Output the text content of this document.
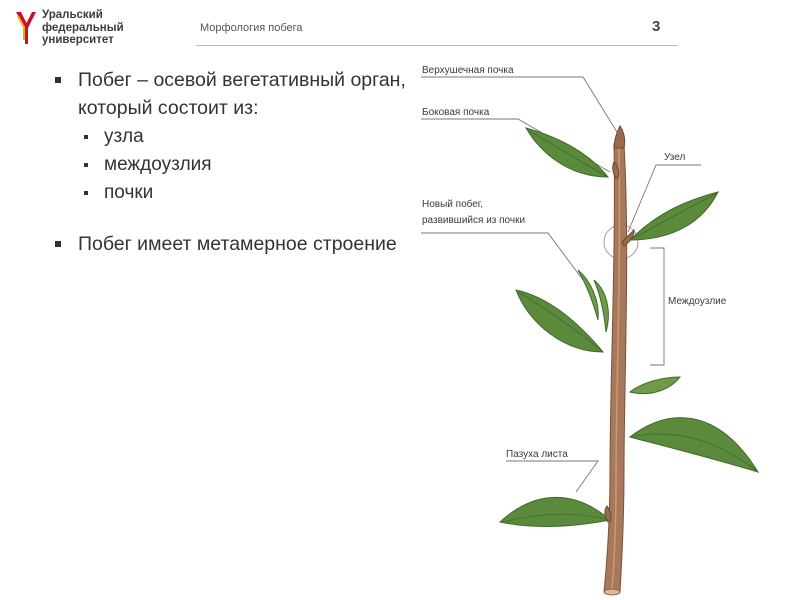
Уральский
федеральный
университет
Морфология побега	3
Побег – осевой вегетативный орган, который состоит из:
узла
междоузлия
почки
Побег имеет метамерное строение
Верхушечная почка
Боковая почка
Новый побег,
развившийся из почки
Узел
Междоузлие
Пазуха листа
